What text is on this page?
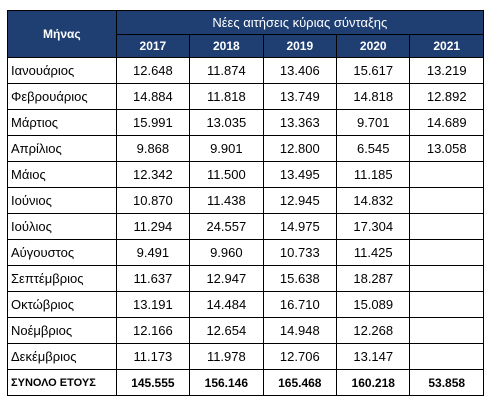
Μήνας	Νέες αιτήσεις κύριας σύνταξης				
	2017	2018	2019	2020	2021
Ιανουάριος	12.648	11.874	13.406	15.617	13.219
Φεβρουάριος	14.884	11.818	13.749	14.818	12.892
Μάρτιος	15.991	13.035	13.363	9.701	14.689
Απρίλιος	9.868	9.901	12.800	6.545	13.058
Μάιος	12.342	11.500	13.495	11.185	
Ιούνιος	10.870	11.438	12.945	14.832	
Ιούλιος	11.294	24.557	14.975	17.304	
Αύγουστος	9.491	9.960	10.733	11.425	
Σεπτέμβριος	11.637	12.947	15.638	18.287	
Οκτώβριος	13.191	14.484	16.710	15.089	
Νοέμβριος	12.166	12.654	14.948	12.268	
Δεκέμβριος	11.173	11.978	12.706	13.147	
ΣΥΝΟΛΟ ΕΤΟΥΣ	145.555	156.146	165.468	160.218	53.858
